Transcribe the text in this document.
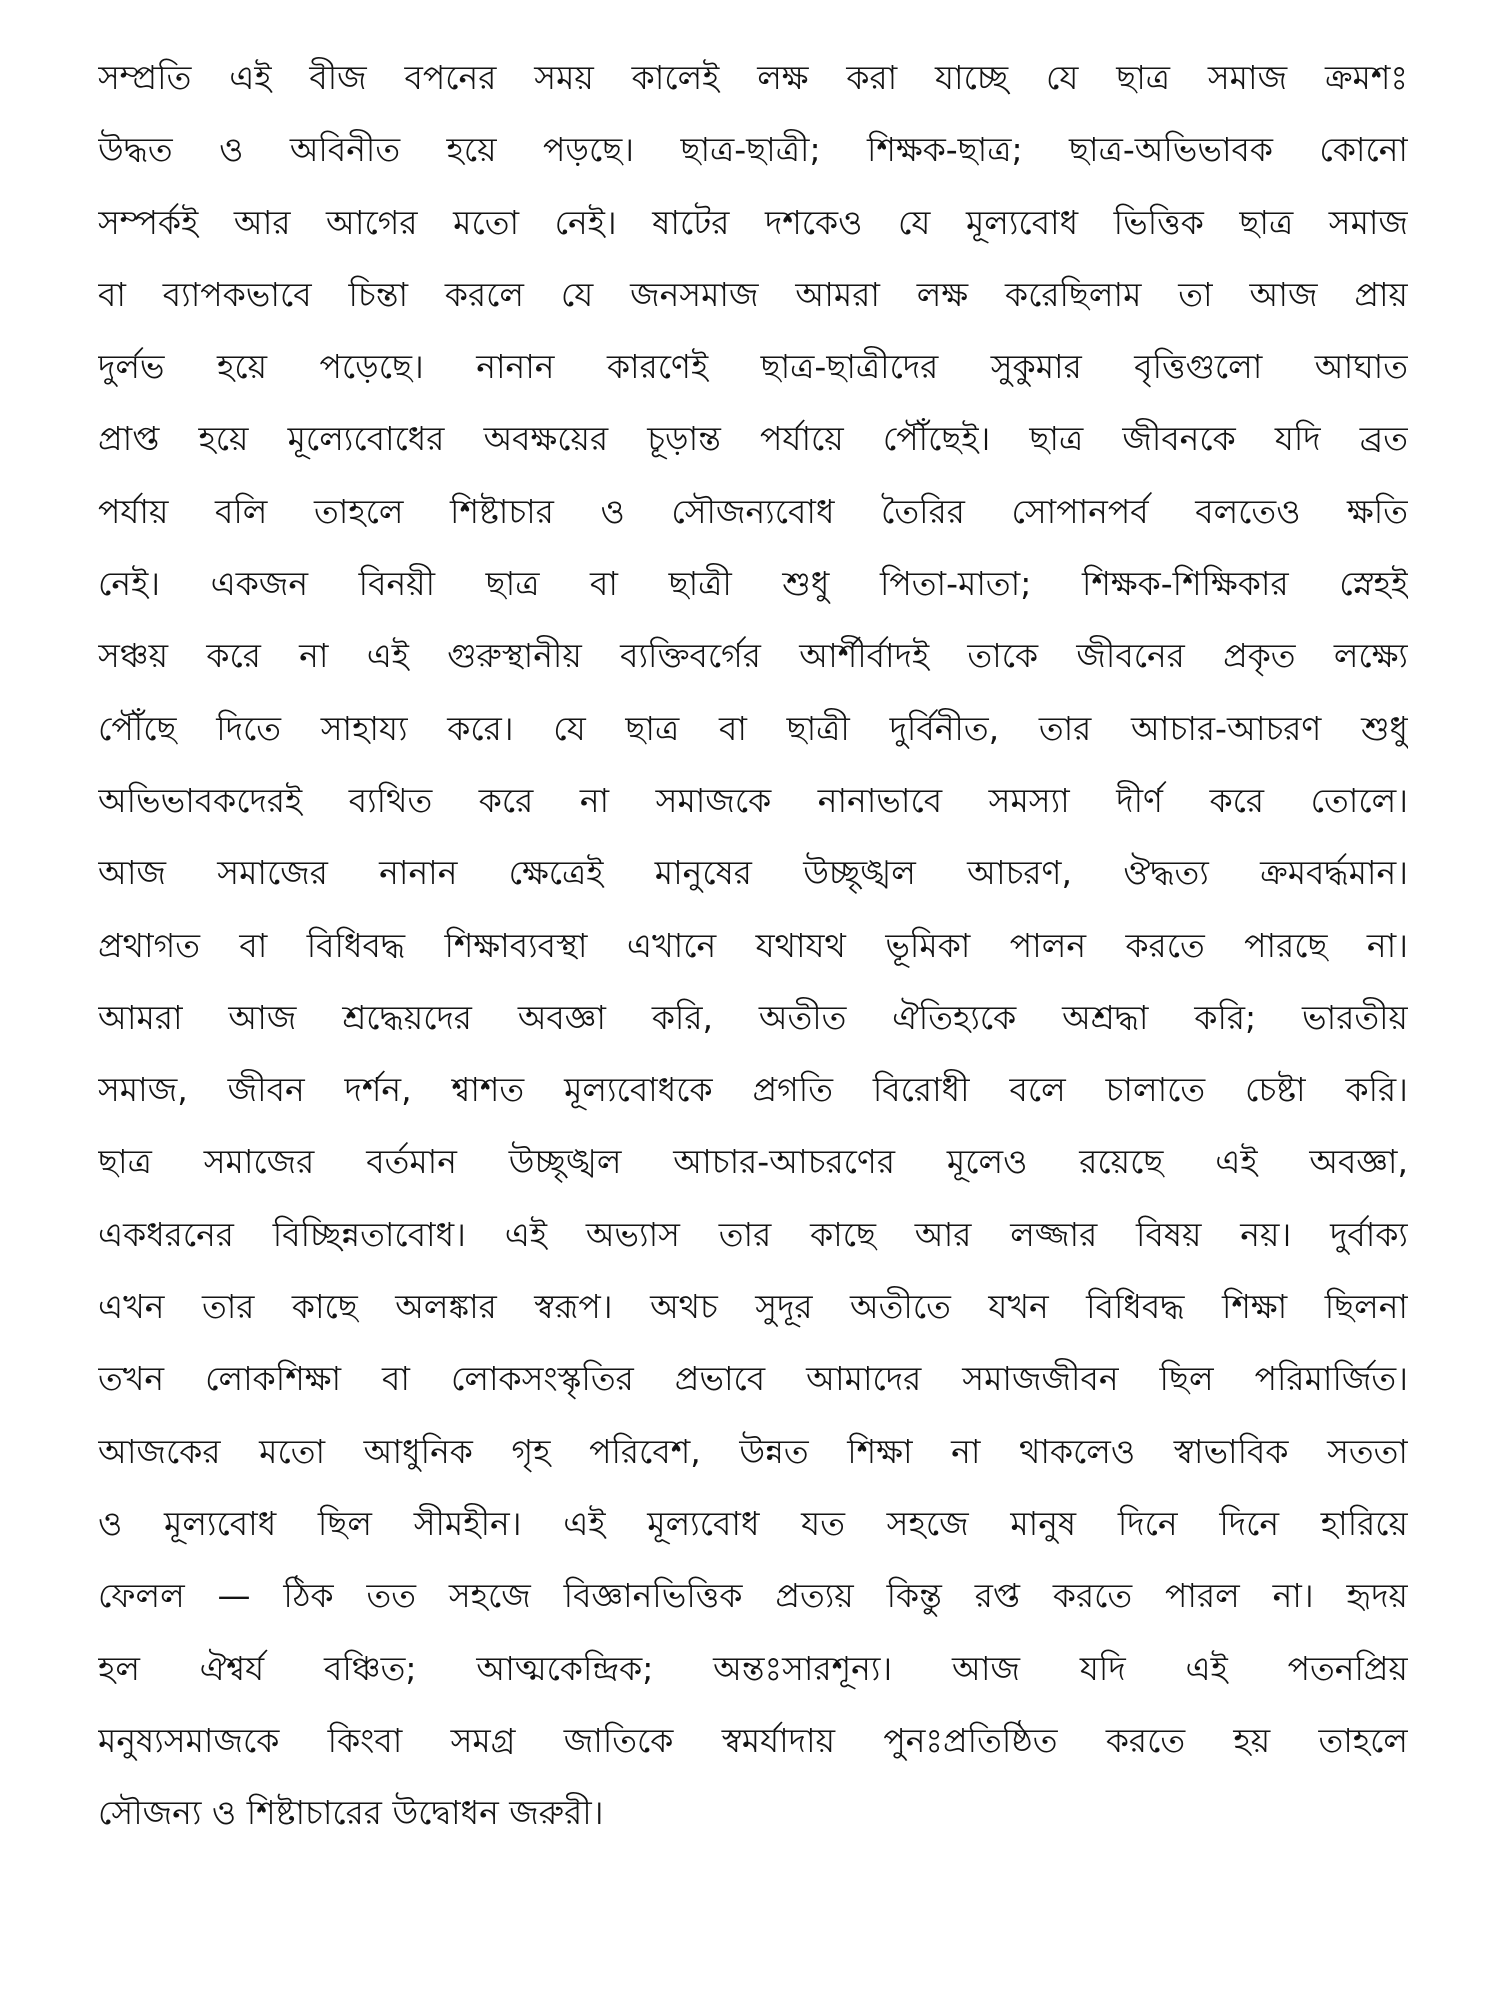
সম্প্রতি এই বীজ বপনের সময় কালেই লক্ষ করা যাচ্ছে যে ছাত্র সমাজ ক্রমশঃ
উদ্ধত ও অবিনীত হয়ে পড়ছে। ছাত্র-ছাত্রী; শিক্ষক-ছাত্র; ছাত্র-অভিভাবক কোনো
সম্পর্কই আর আগের মতো নেই। ষাটের দশকেও যে মূল্যবোধ ভিত্তিক ছাত্র সমাজ
বা ব্যাপকভাবে চিন্তা করলে যে জনসমাজ আমরা লক্ষ করেছিলাম তা আজ প্রায়
দুর্লভ হয়ে পড়েছে। নানান কারণেই ছাত্র-ছাত্রীদের সুকুমার বৃত্তিগুলো আঘাত
প্রাপ্ত হয়ে মূল্যেবোধের অবক্ষয়ের চূড়ান্ত পর্যায়ে পৌঁছেই। ছাত্র জীবনকে যদি ব্রত
পর্যায় বলি তাহলে শিষ্টাচার ও সৌজন্যবোধ তৈরির সোপানপর্ব বলতেও ক্ষতি
নেই। একজন বিনয়ী ছাত্র বা ছাত্রী শুধু পিতা-মাতা; শিক্ষক-শিক্ষিকার স্নেহই
সঞ্চয় করে না এই গুরুস্থানীয় ব্যক্তিবর্গের আর্শীর্বাদই তাকে জীবনের প্রকৃত লক্ষ্যে
পৌঁছে দিতে সাহায্য করে। যে ছাত্র বা ছাত্রী দুর্বিনীত, তার আচার-আচরণ শুধু
অভিভাবকদেরই ব্যথিত করে না সমাজকে নানাভাবে সমস্যা দীর্ণ করে তোলে।
আজ সমাজের নানান ক্ষেত্রেই মানুষের উচ্ছৃঙ্খল আচরণ, ঔদ্ধত্য ক্রমবর্দ্ধমান।
প্রথাগত বা বিধিবদ্ধ শিক্ষাব্যবস্থা এখানে যথাযথ ভূমিকা পালন করতে পারছে না।
আমরা আজ শ্রদ্ধেয়দের অবজ্ঞা করি, অতীত ঐতিহ্যকে অশ্রদ্ধা করি; ভারতীয়
সমাজ, জীবন দর্শন, শ্বাশত মূল্যবোধকে প্রগতি বিরোধী বলে চালাতে চেষ্টা করি।
ছাত্র সমাজের বর্তমান উচ্ছৃঙ্খল আচার-আচরণের মূলেও রয়েছে এই অবজ্ঞা,
একধরনের বিচ্ছিন্নতাবোধ। এই অভ্যাস তার কাছে আর লজ্জার বিষয় নয়। দুর্বাক্য
এখন তার কাছে অলঙ্কার স্বরূপ। অথচ সুদূর অতীতে যখন বিধিবদ্ধ শিক্ষা ছিলনা
তখন লোকশিক্ষা বা লোকসংস্কৃতির প্রভাবে আমাদের সমাজজীবন ছিল পরিমার্জিত।
আজকের মতো আধুনিক গৃহ পরিবেশ, উন্নত শিক্ষা না থাকলেও স্বাভাবিক সততা
ও মূল্যবোধ ছিল সীমহীন। এই মূল্যবোধ যত সহজে মানুষ দিনে দিনে হারিয়ে
ফেলল — ঠিক তত সহজে বিজ্ঞানভিত্তিক প্রত্যয় কিন্তু রপ্ত করতে পারল না। হৃদয়
হল ঐশ্বর্য বঞ্চিত; আত্মকেন্দ্রিক; অন্তঃসারশূন্য। আজ যদি এই পতনপ্রিয়
মনুষ্যসমাজকে কিংবা সমগ্র জাতিকে স্বমর্যাদায় পুনঃপ্রতিষ্ঠিত করতে হয় তাহলে
সৌজন্য ও শিষ্টাচারের উদ্বোধন জরুরী।
